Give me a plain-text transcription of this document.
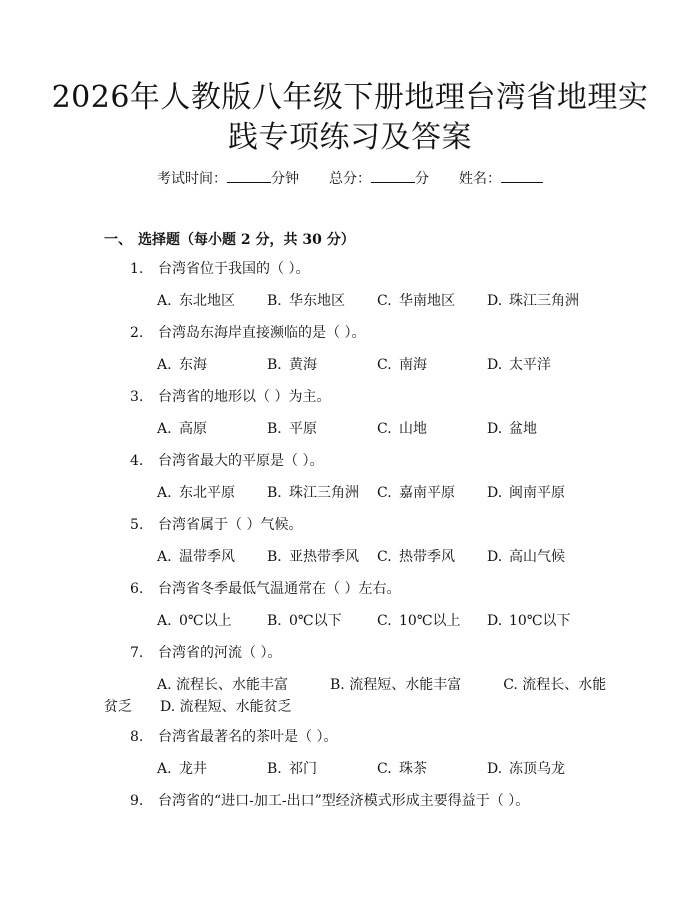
2026年人教版八年级下册地理台湾省地理实
践专项练习及答案
考试时间：	分钟 总分：	分 姓名：
一、 选择题（每小题 2 分，共 30 分）
1. 台湾省位于我国的（ ）。
A. 东北地区 B. 华东地区 C. 华南地区 D. 珠江三角洲
2. 台湾岛东海岸直接濒临的是（ ）。
A. 东海	B. 黄海	C. 南海	D. 太平洋
3. 台湾省的地形以（ ）为主。
A. 高原	B. 平原	C. 山地	D. 盆地
4. 台湾省最大的平原是（ ）。
A. 东北平原 B. 珠江三角洲 C. 嘉南平原 D. 闽南平原
5. 台湾省属于（ ）气候。
A. 温带季风 B. 亚热带季风 C. 热带季风 D. 高山气候
6. 台湾省冬季最低气温通常在（ ）左右。
A. 0℃以上	B. 0℃以下	C. 10℃以上 D. 10℃以下
7. 台湾省的河流（ ）。
A. 流程长、水能丰富　　　B. 流程短、水能丰富　　　C. 流程长、水能
贫乏　　D. 流程短、水能贫乏
8. 台湾省最著名的茶叶是（ ）。
A. 龙井	B. 祁门	C. 珠茶	D. 冻顶乌龙
9. 台湾省的“进口-加工-出口”型经济模式形成主要得益于（ ）。
